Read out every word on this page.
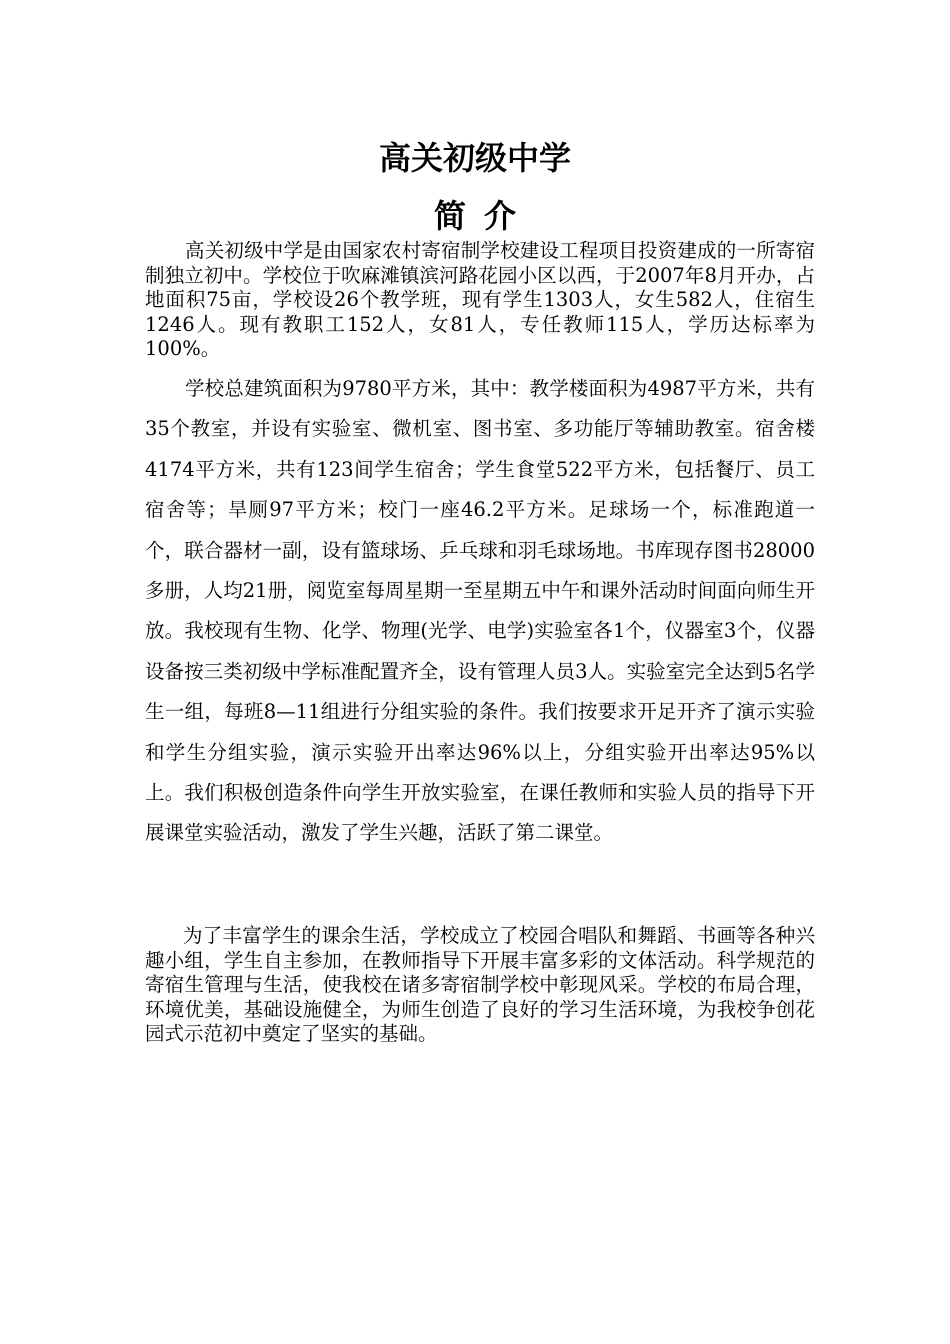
高关初级中学
简介

高关初级中学是由国家农村寄宿制学校建设工程项目投资建成的一所寄宿制独立初中。学校位于吹麻滩镇滨河路花园小区以西，于2007年8月开办，占地面积75亩，学校设26个教学班，现有学生1303人，女生582人，住宿生1246人。现有教职工152人，女81人，专任教师115人，学历达标率为100%。

学校总建筑面积为9780平方米，其中：教学楼面积为4987平方米，共有35个教室，并设有实验室、微机室、图书室、多功能厅等辅助教室。宿舍楼4174平方米，共有123间学生宿舍；学生食堂522平方米，包括餐厅、员工宿舍等；旱厕97平方米；校门一座46.2平方米。足球场一个，标准跑道一个，联合器材一副，设有篮球场、乒乓球和羽毛球场地。书库现存图书28000多册，人均21册，阅览室每周星期一至星期五中午和课外活动时间面向师生开放。我校现有生物、化学、物理(光学、电学)实验室各1个，仪器室3个，仪器设备按三类初级中学标准配置齐全，设有管理人员3人。实验室完全达到5名学生一组，每班8—11组进行分组实验的条件。我们按要求开足开齐了演示实验和学生分组实验，演示实验开出率达96%以上，分组实验开出率达95%以上。我们积极创造条件向学生开放实验室，在课任教师和实验人员的指导下开展课堂实验活动，激发了学生兴趣，活跃了第二课堂。

为了丰富学生的课余生活，学校成立了校园合唱队和舞蹈、书画等各种兴趣小组，学生自主参加，在教师指导下开展丰富多彩的文体活动。科学规范的寄宿生管理与生活，使我校在诸多寄宿制学校中彰现风采。学校的布局合理，环境优美，基础设施健全，为师生创造了良好的学习生活环境，为我校争创花园式示范初中奠定了坚实的基础。
